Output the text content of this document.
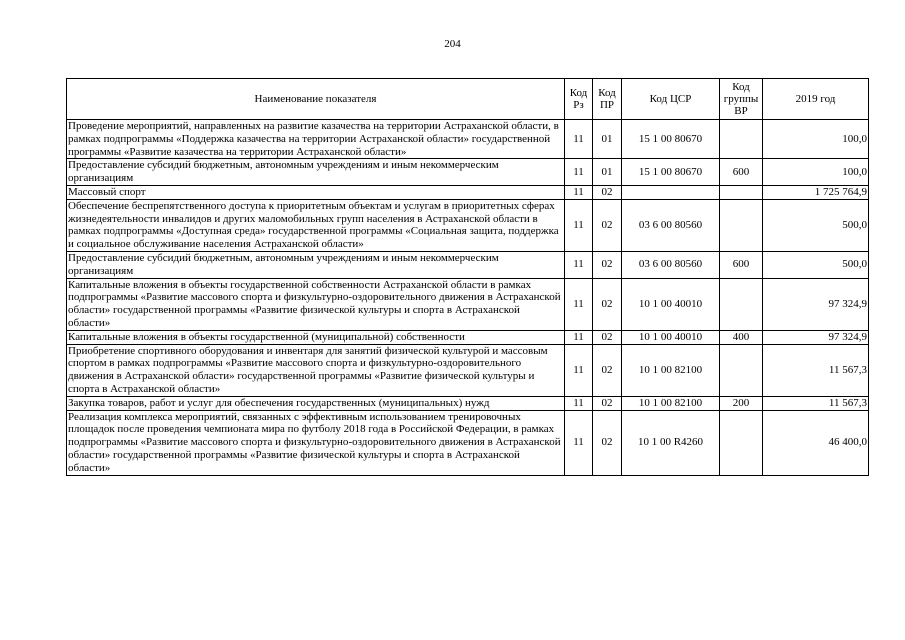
204
Наименование показателя	Код Рз	Код ПР	Код ЦСР	Код группы ВР	2019 год
Проведение мероприятий, направленных на развитие казачества на территории Астраханской области, в рамках подпрограммы «Поддержка казачества на территории Астраханской области» государственной программы «Развитие казачества на территории Астраханской области»	11	01	15 1 00 80670		100,0
Предоставление субсидий бюджетным, автономным учреждениям и иным некоммерческим организациям	11	01	15 1 00 80670	600	100,0
Массовый спорт	11	02			1 725 764,9
Обеспечение беспрепятственного доступа к приоритетным объектам и услугам в приоритетных сферах жизнедеятельности инвалидов и других маломобильных групп населения в Астраханской области в рамках подпрограммы «Доступная среда» государственной программы «Социальная защита, поддержка и социальное обслуживание населения Астраханской области»	11	02	03 6 00 80560		500,0
Предоставление субсидий бюджетным, автономным учреждениям и иным некоммерческим организациям	11	02	03 6 00 80560	600	500,0
Капитальные вложения в объекты государственной собственности Астраханской области в рамках подпрограммы «Развитие массового спорта и физкультурно-оздоровительного движения в Астраханской области» государственной программы «Развитие физической культуры и спорта в Астраханской области»	11	02	10 1 00 40010		97 324,9
Капитальные вложения в объекты государственной (муниципальной) собственности	11	02	10 1 00 40010	400	97 324,9
Приобретение спортивного оборудования и инвентаря для занятий физической культурой и массовым спортом в рамках подпрограммы «Развитие массового спорта и физкультурно-оздоровительного движения в Астраханской области» государственной программы «Развитие физической культуры и спорта в Астраханской области»	11	02	10 1 00 82100		11 567,3
Закупка товаров, работ и услуг для обеспечения государственных (муниципальных) нужд	11	02	10 1 00 82100	200	11 567,3
Реализация комплекса мероприятий, связанных с эффективным использованием тренировочных площадок после проведения чемпионата мира по футболу 2018 года в Российской Федерации, в рамках подпрограммы «Развитие массового спорта и физкультурно-оздоровительного движения в Астраханской области» государственной программы «Развитие физической культуры и спорта в Астраханской области»	11	02	10 1 00 R4260		46 400,0
